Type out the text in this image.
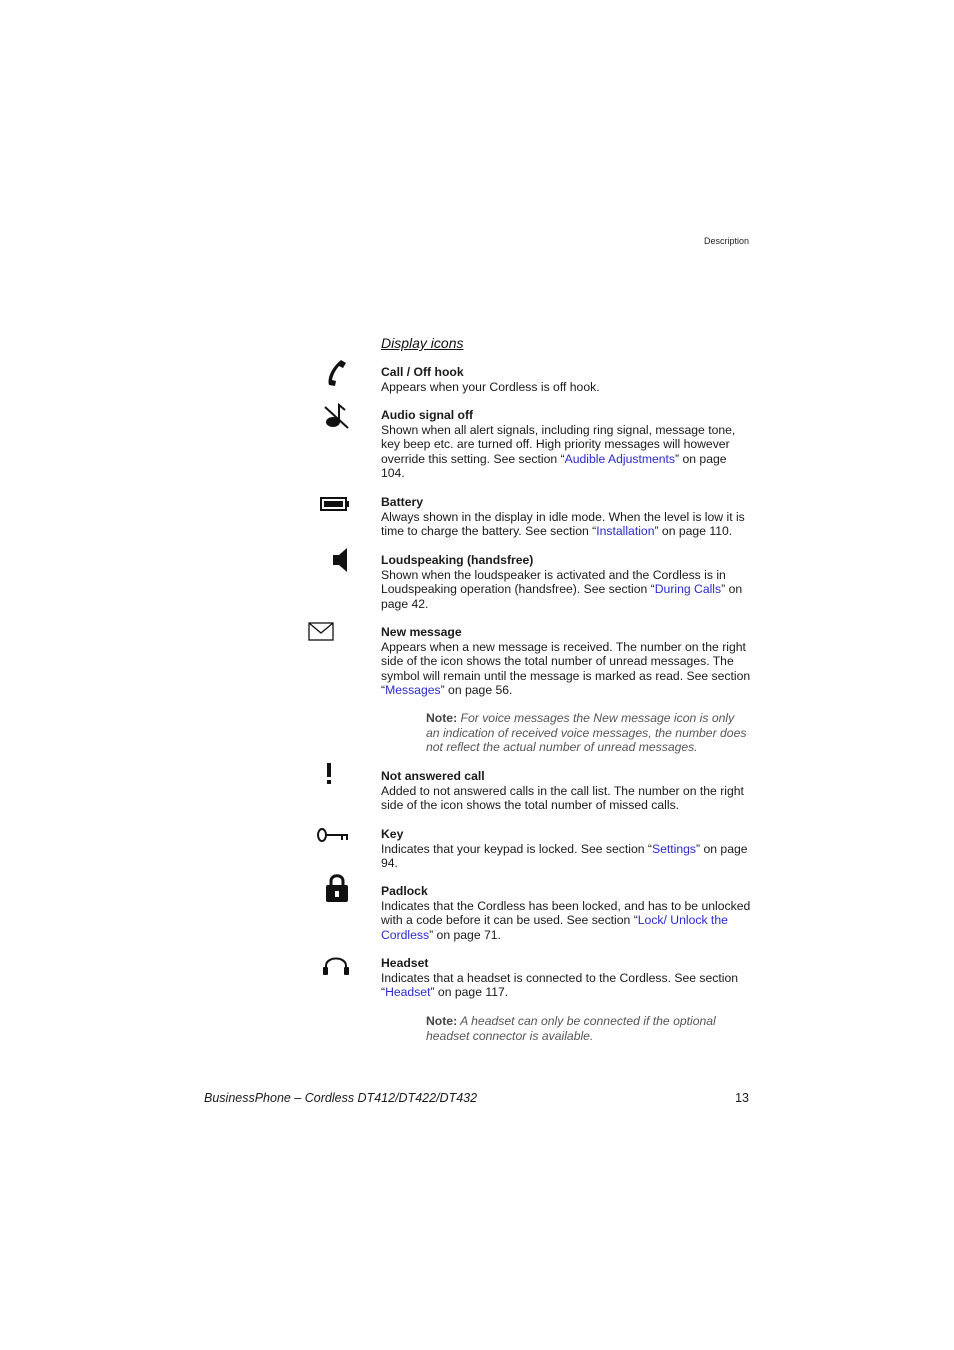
Description
Display icons
Call / Off hook
Appears when your Cordless is off hook.
Audio signal off
Shown when all alert signals, including ring signal, message tone, key beep etc. are turned off. High priority messages will however override this setting. See section “Audible Adjustments” on page 104.
Battery
Always shown in the display in idle mode. When the level is low it is time to charge the battery. See section “Installation” on page 110.
Loudspeaking (handsfree)
Shown when the loudspeaker is activated and the Cordless is in Loudspeaking operation (handsfree). See section “During Calls” on page 42.
New message
Appears when a new message is received. The number on the right side of the icon shows the total number of unread messages. The symbol will remain until the message is marked as read. See section “Messages” on page 56.
Note: For voice messages the New message icon is only an indication of received voice messages, the number does not reflect the actual number of unread messages.
Not answered call
Added to not answered calls in the call list. The number on the right side of the icon shows the total number of missed calls.
Key
Indicates that your keypad is locked. See section “Settings” on page 94.
Padlock
Indicates that the Cordless has been locked, and has to be unlocked with a code before it can be used. See section “Lock/ Unlock the Cordless” on page 71.
Headset
Indicates that a headset is connected to the Cordless. See section “Headset” on page 117.
Note: A headset can only be connected if the optional headset connector is available.
BusinessPhone – Cordless DT412/DT422/DT432	13
